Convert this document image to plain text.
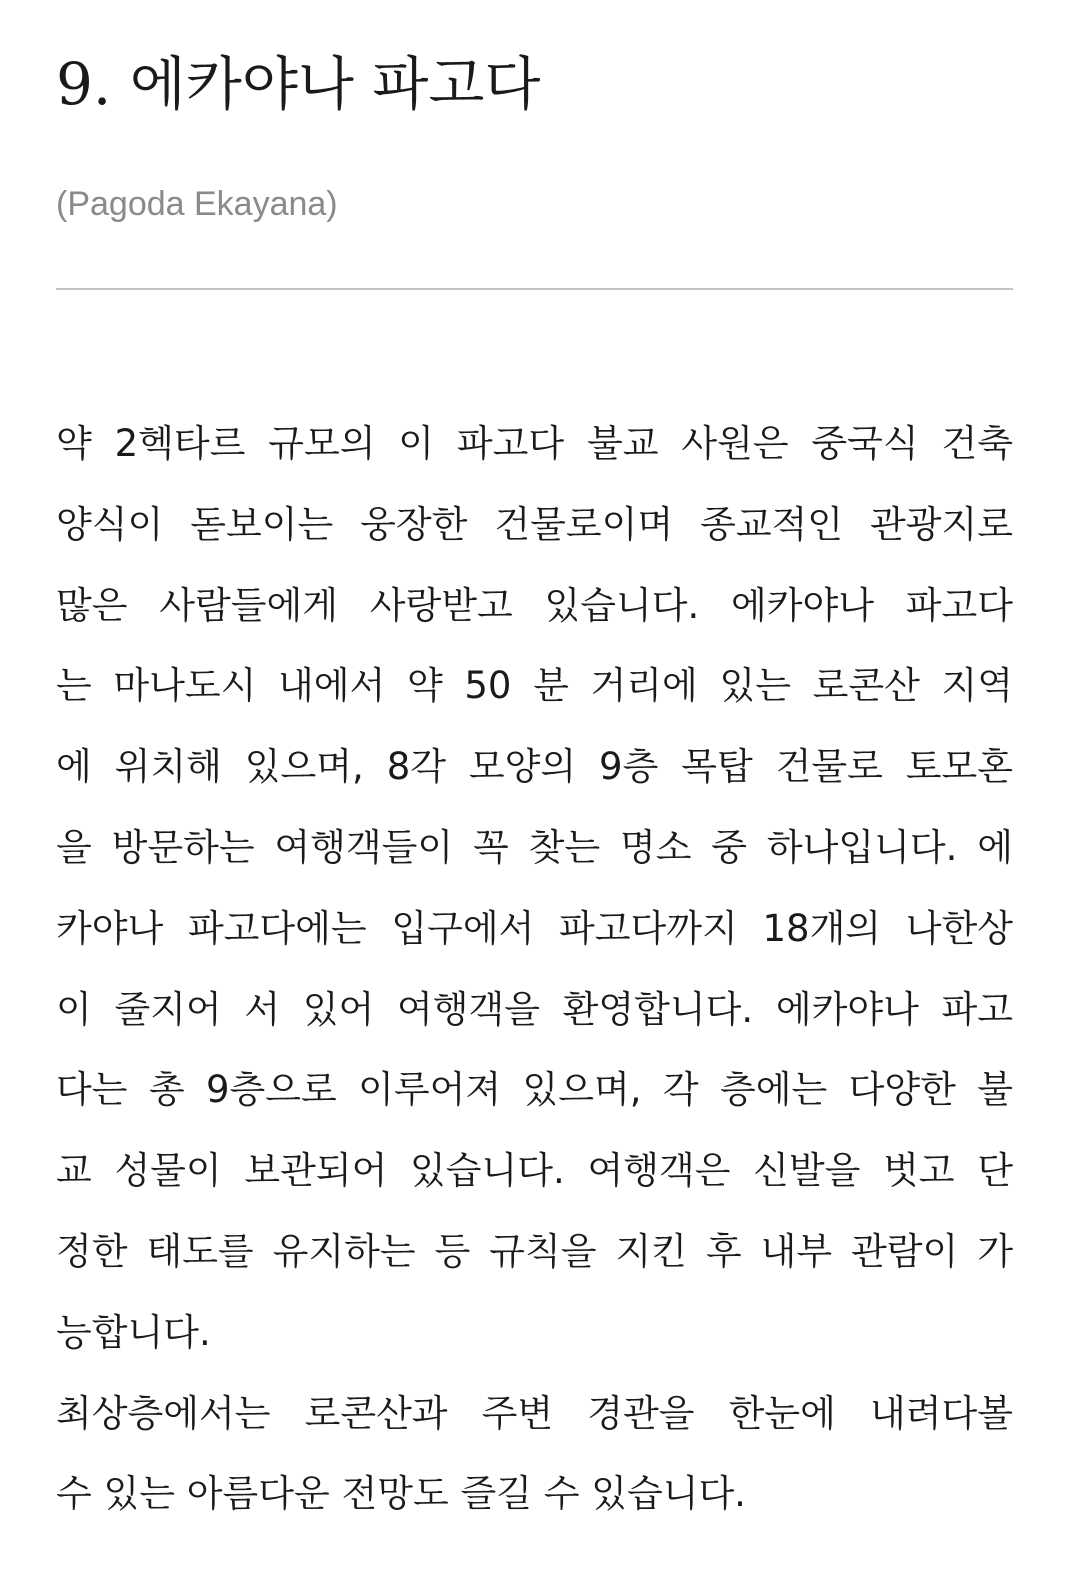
9. 에카야나 파고다

(Pagoda Ekayana)

약 2헥타르 규모의 이 파고다 불교 사원은 중국식 건축
양식이 돋보이는 웅장한 건물로이며 종교적인 관광지로
많은 사람들에게 사랑받고 있습니다. 에카야나 파고다
는 마나도시 내에서 약 50 분 거리에 있는 로콘산 지역
에 위치해 있으며, 8각 모양의 9층 목탑 건물로 토모혼
을 방문하는 여행객들이 꼭 찾는 명소 중 하나입니다. 에
카야나 파고다에는 입구에서 파고다까지 18개의 나한상
이 줄지어 서 있어 여행객을 환영합니다. 에카야나 파고
다는 총 9층으로 이루어져 있으며, 각 층에는 다양한 불
교 성물이 보관되어 있습니다. 여행객은 신발을 벗고 단
정한 태도를 유지하는 등 규칙을 지킨 후 내부 관람이 가
능합니다.
최상층에서는 로콘산과 주변 경관을 한눈에 내려다볼
수 있는 아름다운 전망도 즐길 수 있습니다.
